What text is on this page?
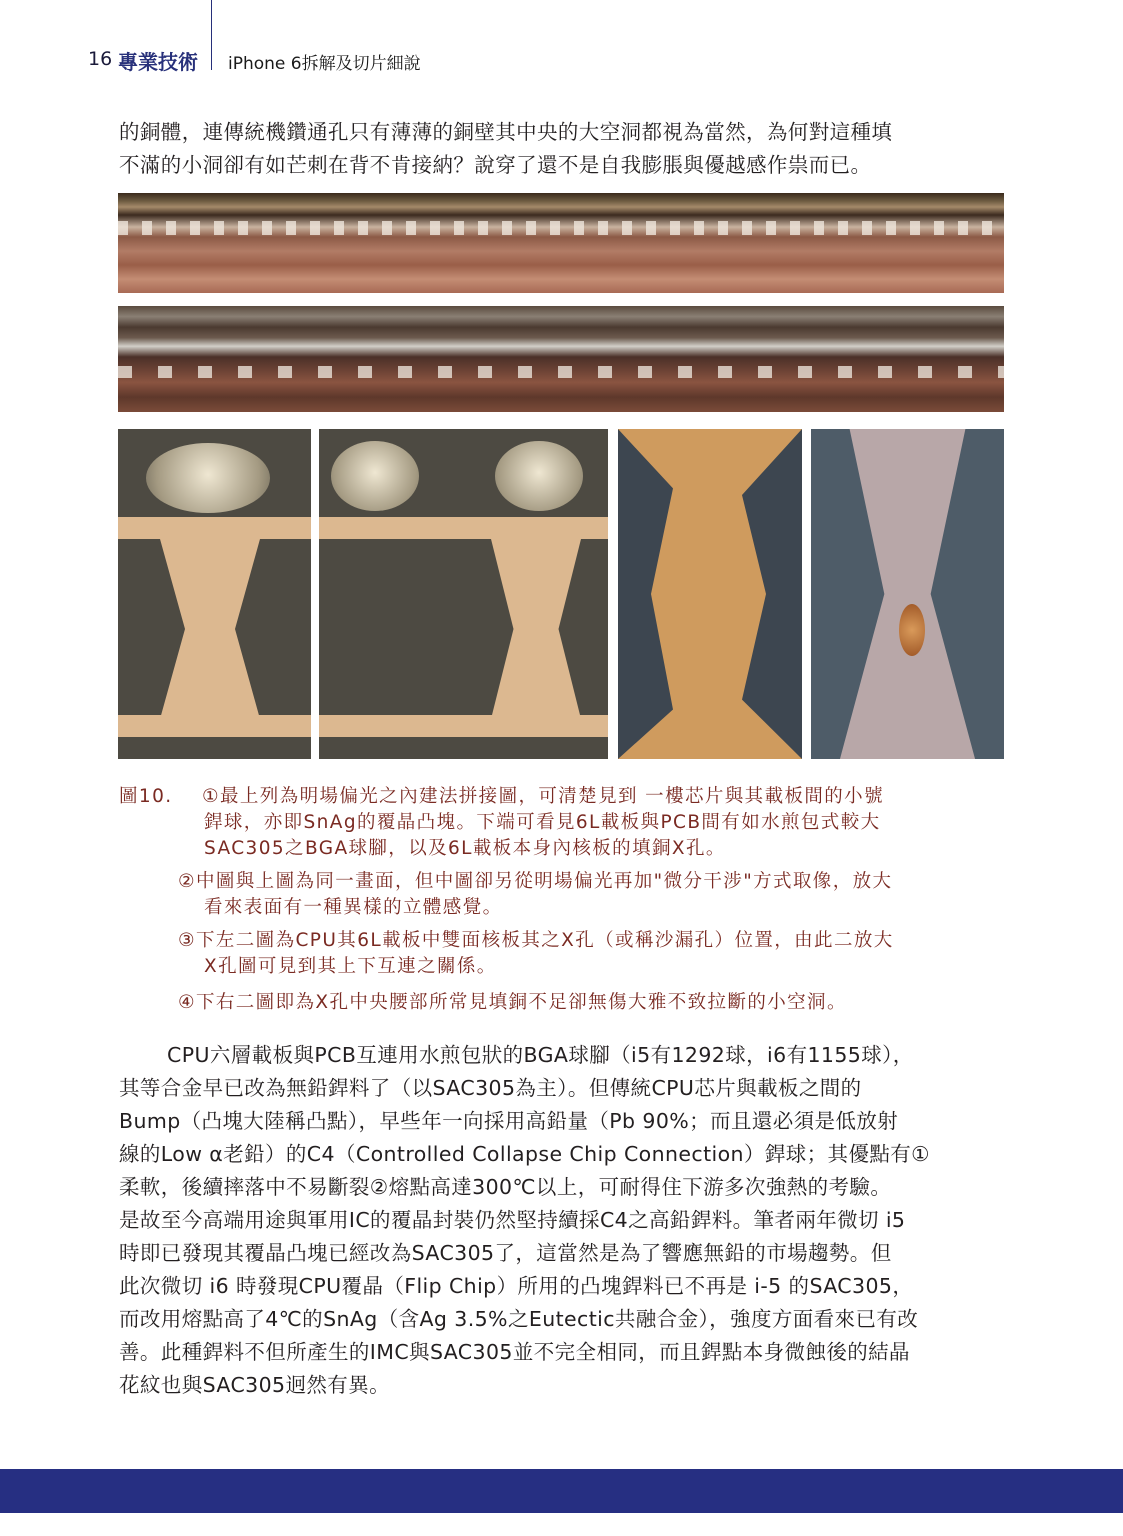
16 專業技術 iPhone 6拆解及切片細說

的銅體，連傳統機鑽通孔只有薄薄的銅壁其中央的大空洞都視為當然，為何對這種填
不滿的小洞卻有如芒刺在背不肯接納？說穿了還不是自我膨脹與優越感作祟而已。

圖10. ①最上列為明場偏光之內建法拼接圖，可清楚見到 一樓芯片與其載板間的小號
銲球，亦即SnAg的覆晶凸塊。下端可看見6L載板與PCB間有如水煎包式較大
SAC305之BGA球腳，以及6L載板本身內核板的填銅X孔。
②中圖與上圖為同一畫面，但中圖卻另從明場偏光再加"微分干涉"方式取像，放大
看來表面有一種異樣的立體感覺。
③下左二圖為CPU其6L載板中雙面核板其之X孔（或稱沙漏孔）位置，由此二放大
X孔圖可見到其上下互連之關係。
④下右二圖即為X孔中央腰部所常見填銅不足卻無傷大雅不致拉斷的小空洞。

CPU六層載板與PCB互連用水煎包狀的BGA球腳（i5有1292球，i6有1155球），
其等合金早已改為無鉛銲料了（以SAC305為主）。但傳統CPU芯片與載板之間的
Bump（凸塊大陸稱凸點），早些年一向採用高鉛量（Pb 90%；而且還必須是低放射
線的Low α老鉛）的C4（Controlled Collapse Chip Connection）銲球；其優點有①
柔軟，後續摔落中不易斷裂②熔點高達300℃以上，可耐得住下游多次強熱的考驗。
是故至今高端用途與軍用IC的覆晶封裝仍然堅持續採C4之高鉛銲料。筆者兩年微切 i5
時即已發現其覆晶凸塊已經改為SAC305了，這當然是為了響應無鉛的市場趨勢。但
此次微切 i6 時發現CPU覆晶（Flip Chip）所用的凸塊銲料已不再是 i-5 的SAC305，
而改用熔點高了4℃的SnAg（含Ag 3.5%之Eutectic共融合金），強度方面看來已有改
善。此種銲料不但所產生的IMC與SAC305並不完全相同，而且銲點本身微蝕後的結晶
花紋也與SAC305迥然有異。
